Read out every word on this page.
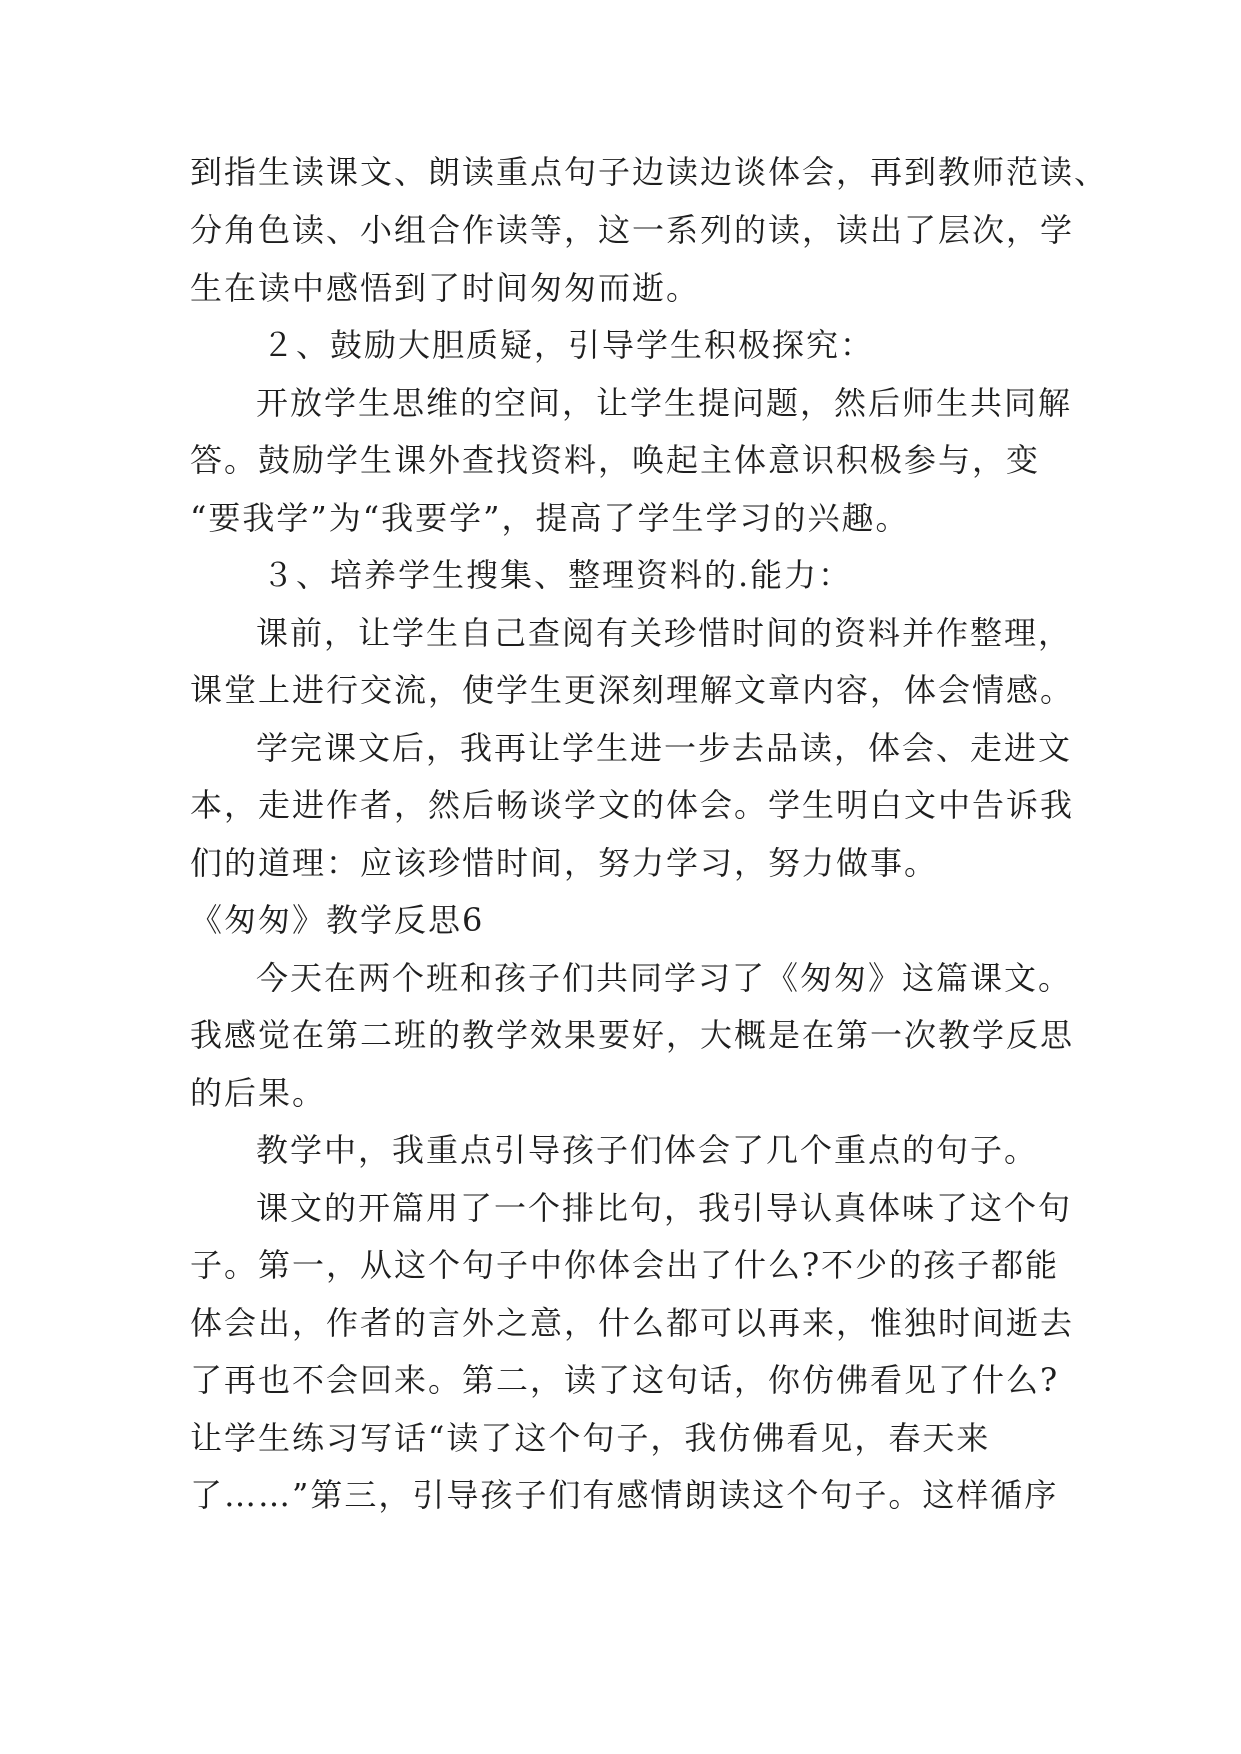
到指生读课文、朗读重点句子边读边谈体会，再到教师范读、

分角色读、小组合作读等，这一系列的读，读出了层次，学

生在读中感悟到了时间匆匆而逝。

２、鼓励大胆质疑，引导学生积极探究：

开放学生思维的空间，让学生提问题，然后师生共同解

答。鼓励学生课外查找资料，唤起主体意识积极参与，变

“要我学”为“我要学”，提高了学生学习的兴趣。

３、培养学生搜集、整理资料的.能力：

课前，让学生自己查阅有关珍惜时间的资料并作整理，

课堂上进行交流，使学生更深刻理解文章内容，体会情感。

学完课文后，我再让学生进一步去品读，体会、走进文

本，走进作者，然后畅谈学文的体会。学生明白文中告诉我

们的道理：应该珍惜时间，努力学习，努力做事。

《匆匆》教学反思6

今天在两个班和孩子们共同学习了《匆匆》这篇课文。

我感觉在第二班的教学效果要好，大概是在第一次教学反思

的后果。

教学中，我重点引导孩子们体会了几个重点的句子。

课文的开篇用了一个排比句，我引导认真体味了这个句

子。第一，从这个句子中你体会出了什么?不少的孩子都能

体会出，作者的言外之意，什么都可以再来，惟独时间逝去

了再也不会回来。第二，读了这句话，你仿佛看见了什么?

让学生练习写话“读了这个句子，我仿佛看见，春天来

了……”第三，引导孩子们有感情朗读这个句子。这样循序
